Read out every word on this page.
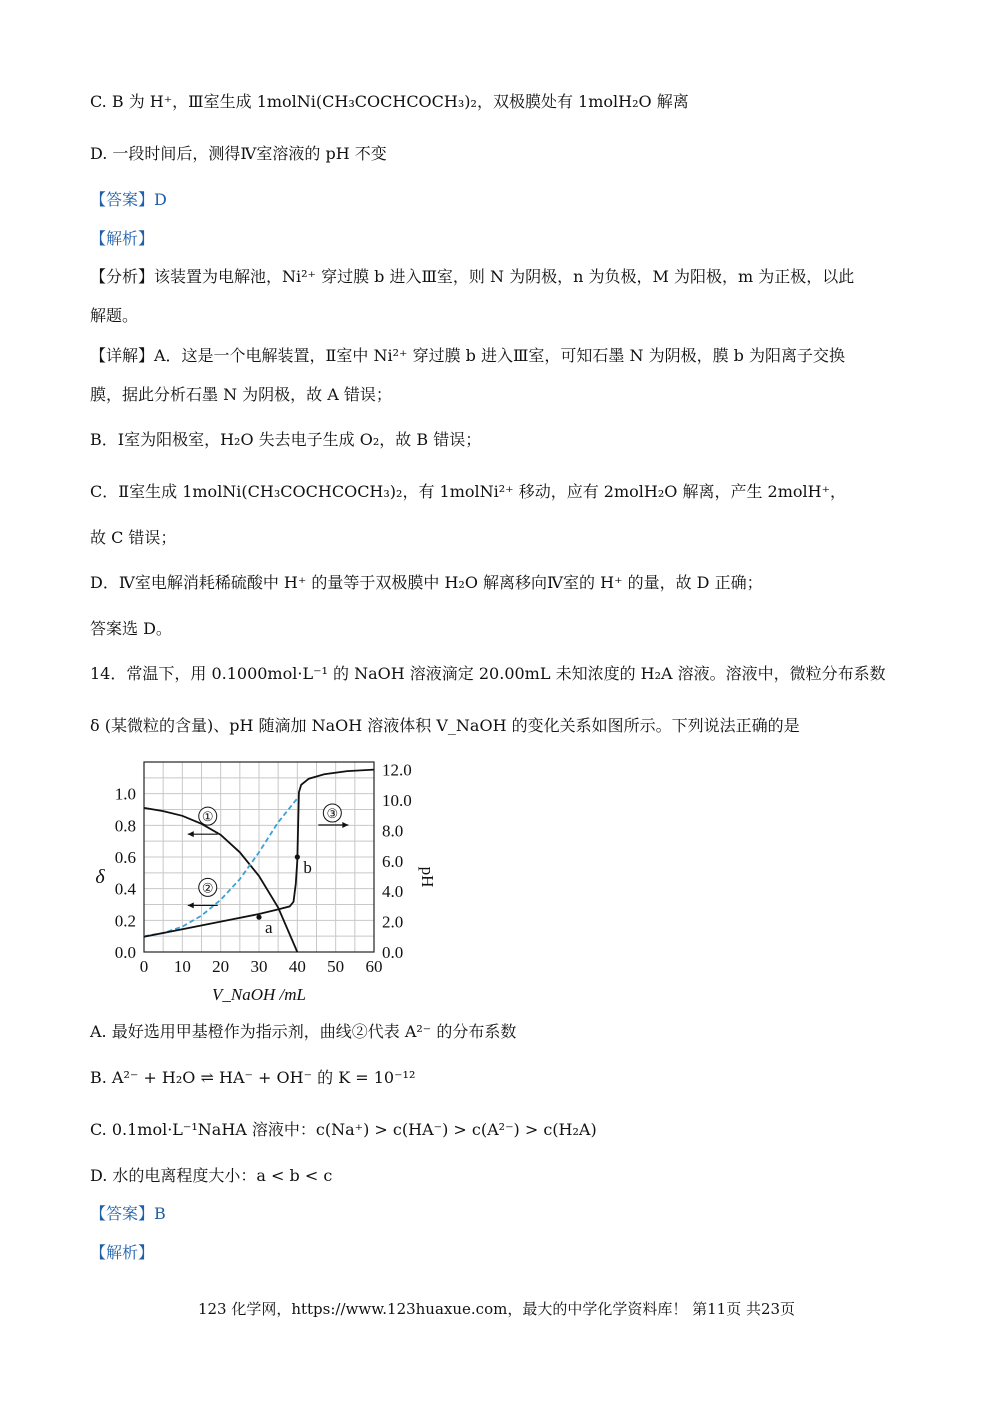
C. B 为 H⁺，Ⅲ室生成 1molNi(CH₃COCHCOCH₃)₂，双极膜处有 1molH₂O 解离
D. 一段时间后，测得Ⅳ室溶液的 pH 不变
【答案】D
【解析】
【分析】该装置为电解池，Ni²⁺ 穿过膜 b 进入Ⅲ室，则 N 为阴极，n 为负极，M 为阳极，m 为正极，以此
解题。
【详解】A．这是一个电解装置，Ⅱ室中 Ni²⁺ 穿过膜 b 进入Ⅲ室，可知石墨 N 为阴极，膜 b 为阳离子交换
膜，据此分析石墨 N 为阴极，故 A 错误；
B．Ⅰ室为阳极室，H₂O 失去电子生成 O₂，故 B 错误；
C．Ⅱ室生成 1molNi(CH₃COCHCOCH₃)₂，有 1molNi²⁺ 移动，应有 2molH₂O 解离，产生 2molH⁺，
故 C 错误；
D．Ⅳ室电解消耗稀硫酸中 H⁺ 的量等于双极膜中 H₂O 解离移向Ⅳ室的 H⁺ 的量，故 D 正确；
答案选 D。
14．常温下，用 0.1000mol·L⁻¹ 的 NaOH 溶液滴定 20.00mL 未知浓度的 H₂A 溶液。溶液中，微粒分布系数
δ (某微粒的含量)、pH 随滴加 NaOH 溶液体积 V_NaOH 的变化关系如图所示。下列说法正确的是
0 10 20 30 40 50 60
0.0
0.2
0.4
0.6
0.8
1.0
0.0
2.0
4.0
6.0
8.0
10.0
12.0
V_NaOH /mL
δ	pH
①
②
③
a
b
A. 最好选用甲基橙作为指示剂，曲线②代表 A²⁻ 的分布系数
B. A²⁻ + H₂O ⇌ HA⁻ + OH⁻ 的 K = 10⁻¹²
C. 0.1mol·L⁻¹NaHA 溶液中：c(Na⁺) > c(HA⁻) > c(A²⁻) > c(H₂A)
D. 水的电离程度大小：a < b < c
【答案】B
【解析】
123 化学网，https://www.123huaxue.com，最大的中学化学资料库！ 第11页 共23页
